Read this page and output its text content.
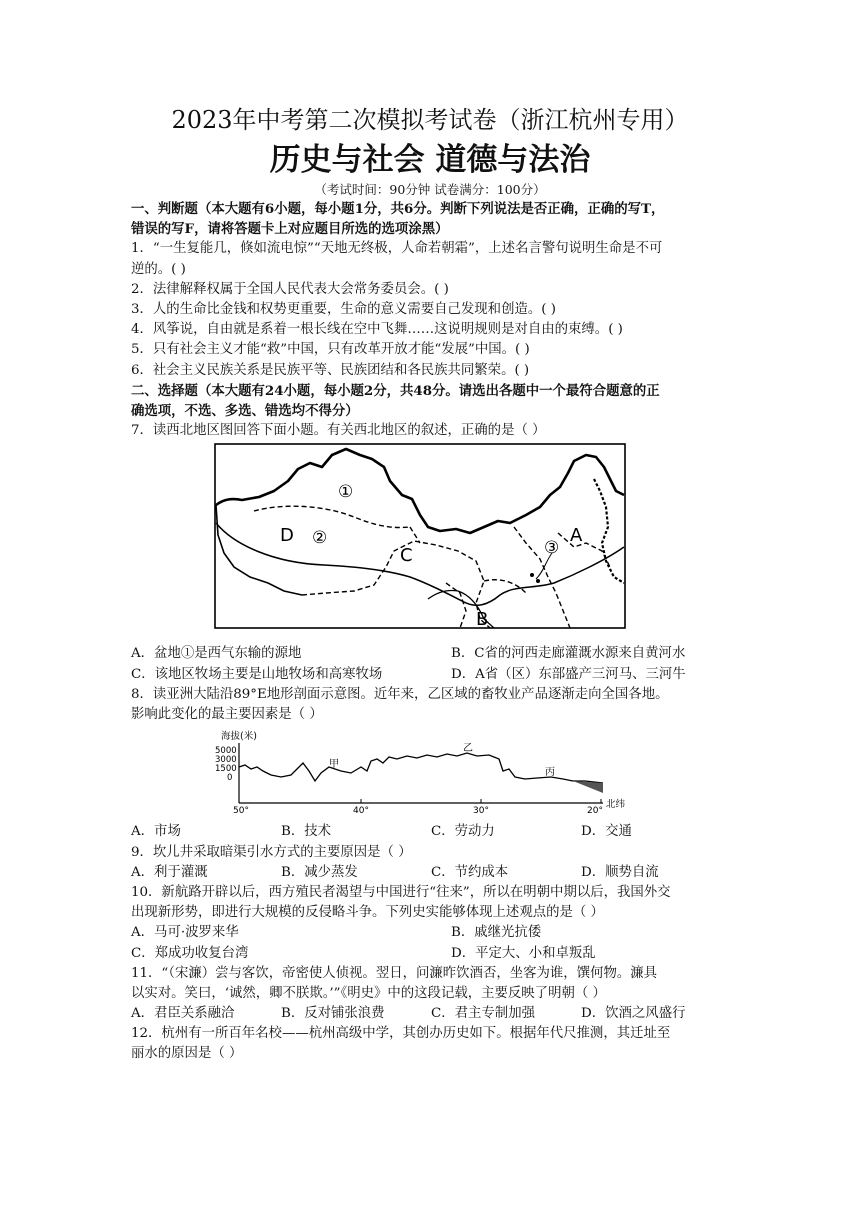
2023年中考第二次模拟考试卷（浙江杭州专用）
历史与社会 道德与法治
（考试时间：90分钟 试卷满分：100分）
一、判断题（本大题有6小题，每小题1分，共6分。判断下列说法是否正确，正确的写T，
错误的写F，请将答题卡上对应题目所选的选项涂黑）
1．“一生复能几，倏如流电惊”“天地无终极，人命若朝霜”，上述名言警句说明生命是不可
逆的。( )
2．法律解释权属于全国人民代表大会常务委员会。( )
3．人的生命比金钱和权势更重要，生命的意义需要自己发现和创造。( )
4．风筝说，自由就是系着一根长线在空中飞舞……这说明规则是对自由的束缚。( )
5．只有社会主义才能“救”中国，只有改革开放才能“发展”中国。( )
6．社会主义民族关系是民族平等、民族团结和各民族共同繁荣。( )
二、选择题（本大题有24小题，每小题2分，共48分。请选出各题中一个最符合题意的正
确选项，不选、多选、错选均不得分）
7．读西北地区图回答下面小题。有关西北地区的叙述，正确的是（ ）
①
②
D
C	③
A
B
A．盆地①是西气东输的源地	B．C省的河西走廊灌溉水源来自黄河水
C．该地区牧场主要是山地牧场和高寒牧场	D．A省（区）东部盛产三河马、三河牛
8．读亚洲大陆沿89°E地形剖面示意图。近年来，乙区域的畜牧业产品逐渐走向全国各地。
影响此变化的最主要因素是（ ）
海拔(米)
5000
3000
1500
0
甲
乙
丙
50°	40°	30°	20°
北纬
A．市场	B．技术	C．劳动力	D．交通
9．坎儿井采取暗渠引水方式的主要原因是（ ）
A．利于灌溉	B．减少蒸发	C．节约成本	D．顺势自流
10．新航路开辟以后，西方殖民者渴望与中国进行“往来”，所以在明朝中期以后，我国外交
出现新形势，即进行大规模的反侵略斗争。下列史实能够体现上述观点的是（ ）
A．马可·波罗来华	B．戚继光抗倭
C．郑成功收复台湾	D．平定大、小和卓叛乱
11．“（宋濂）尝与客饮，帝密使人侦视。翌日，问濂昨饮酒否，坐客为谁，馔何物。濂具
以实对。笑曰，‘诚然，卿不朕欺。’”《明史》中的这段记载，主要反映了明朝（ ）
A．君臣关系融洽	B．反对铺张浪费	C．君主专制加强	D．饮酒之风盛行
12．杭州有一所百年名校——杭州高级中学，其创办历史如下。根据年代尺推测，其迁址至
丽水的原因是（ ）
